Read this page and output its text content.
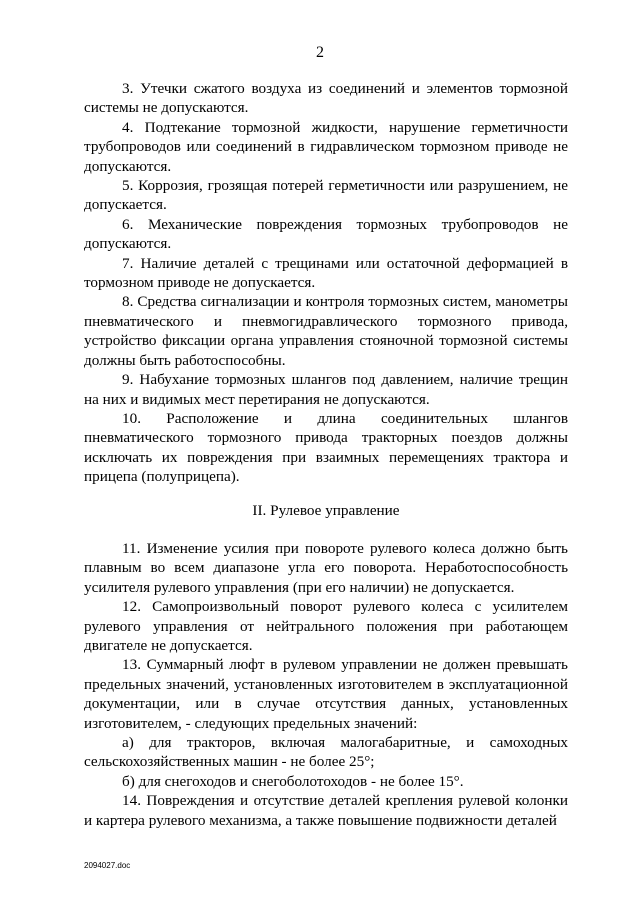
2

3. Утечки сжатого воздуха из соединений и элементов тормозной системы не допускаются.

4. Подтекание тормозной жидкости, нарушение герметичности трубопроводов или соединений в гидравлическом тормозном приводе не допускаются.

5. Коррозия, грозящая потерей герметичности или разрушением, не допускается.

6. Механические повреждения тормозных трубопроводов не допускаются.

7. Наличие деталей с трещинами или остаточной деформацией в тормозном приводе не допускается.

8. Средства сигнализации и контроля тормозных систем, манометры пневматического и пневмогидравлического тормозного привода, устройство фиксации органа управления стояночной тормозной системы должны быть работоспособны.

9. Набухание тормозных шлангов под давлением, наличие трещин на них и видимых мест перетирания не допускаются.

10. Расположение и длина соединительных шлангов пневматического тормозного привода тракторных поездов должны исключать их повреждения при взаимных перемещениях трактора и прицепа (полуприцепа).

II. Рулевое управление

11. Изменение усилия при повороте рулевого колеса должно быть плавным во всем диапазоне угла его поворота. Неработоспособность усилителя рулевого управления (при его наличии) не допускается.

12. Самопроизвольный поворот рулевого колеса с усилителем рулевого управления от нейтрального положения при работающем двигателе не допускается.

13. Суммарный люфт в рулевом управлении не должен превышать предельных значений, установленных изготовителем в эксплуатационной документации, или в случае отсутствия данных, установленных изготовителем, - следующих предельных значений:

а) для тракторов, включая малогабаритные, и самоходных сельскохозяйственных машин - не более 25°;

б) для снегоходов и снегоболотоходов - не более 15°.

14. Повреждения и отсутствие деталей крепления рулевой колонки и картера рулевого механизма, а также повышение подвижности деталей

2094027.doc
